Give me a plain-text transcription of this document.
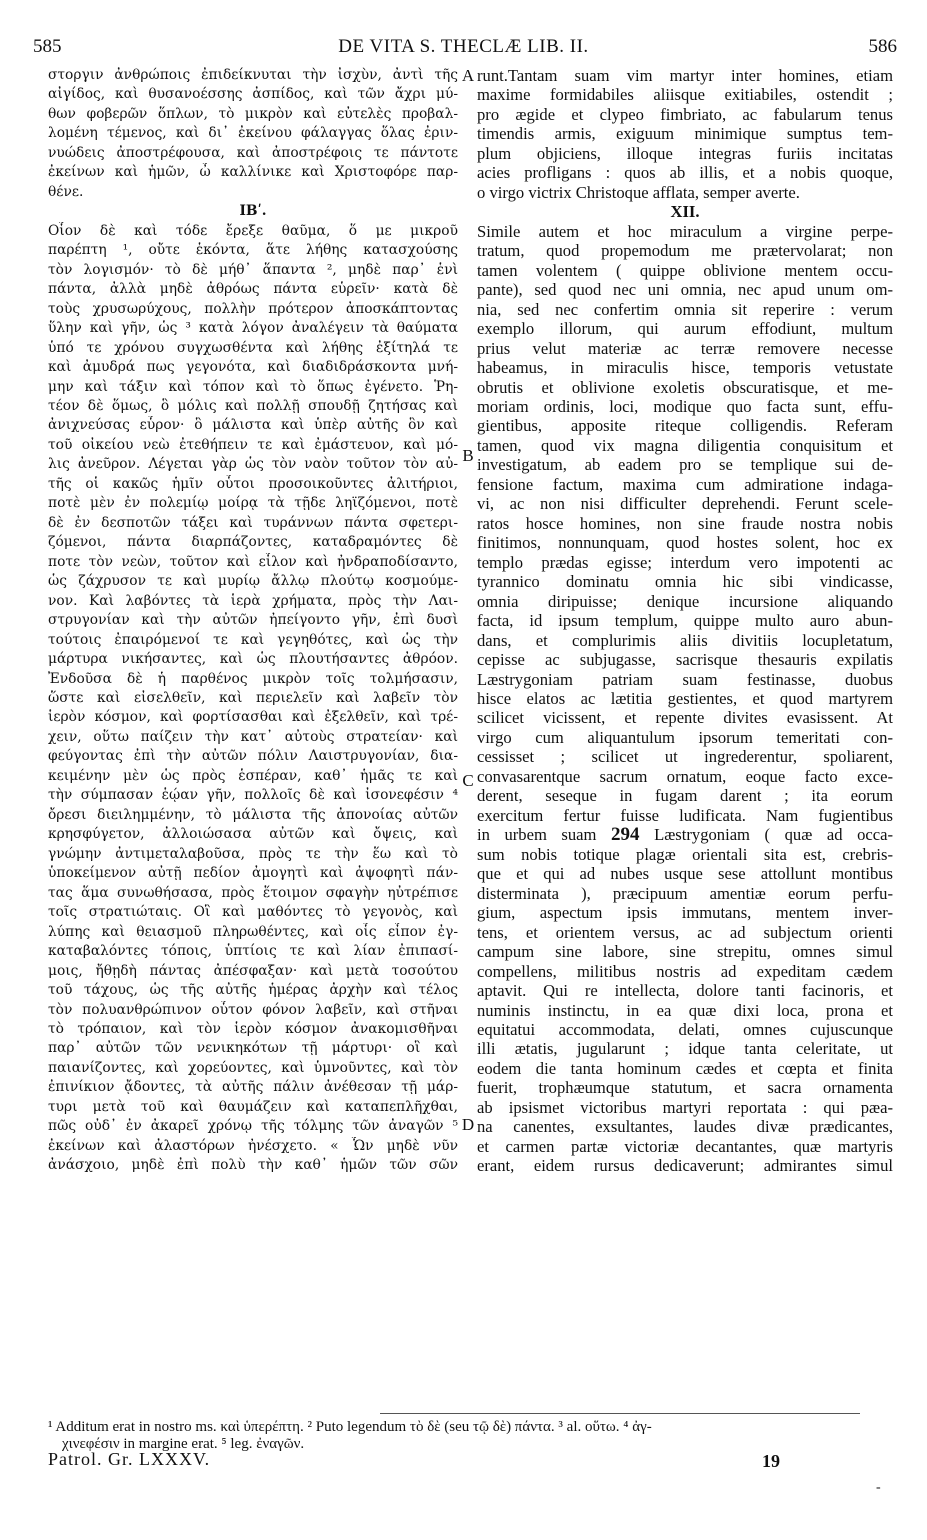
585	DE VITA S. THECLÆ LIB. II.	586
στοργιν ἀνθρώποις ἐπιδείκνυται τὴν ἰσχὺν, ἀντὶ τῆς
αἰγίδος, καὶ θυσανοέσσης ἀσπίδος, καὶ τῶν ἄχρι μύ-
θων φοβερῶν ὅπλων, τὸ μικρὸν καὶ εὐτελὲς προβαλ-
λομένη τέμενος, καὶ δι᾽ ἐκείνου φάλαγγας ὅλας ἐριν-
νυώδεις ἀποστρέφουσα, καὶ ἀποστρέφοις τε πάντοτε
ἐκείνων καὶ ἡμῶν, ὦ καλλίνικε καὶ Χριστοφόρε παρ-
θένε.
ΙΒʹ.
Οἷον δὲ καὶ τόδε ἔρεξε θαῦμα, ὅ με μικροῦ
παρέπτη ¹, οὔτε ἑκόντα, ἅτε λήθης κατασχούσης
τὸν λογισμόν· τὸ δὲ μήθ᾽ ἅπαντα ², μηδὲ παρ᾽ ἑνὶ
πάντα, ἀλλὰ μηδὲ ἀθρόως πάντα εὑρεῖν· κατὰ δὲ
τοὺς χρυσωρύχους, πολλὴν πρότερον ἀποσκάπτοντας
ὕλην καὶ γῆν, ὡς ³ κατὰ λόγον ἀναλέγειν τὰ θαύματα
ὑπό τε χρόνου συγχωσθέντα καὶ λήθης ἐξίτηλά τε
καὶ ἀμυδρά πως γεγονότα, καὶ διαδιδράσκοντα μνή-
μην καὶ τάξιν καὶ τόπον καὶ τὸ ὅπως ἐγένετο. Ῥη-
τέον δὲ ὅμως, ὃ μόλις καὶ πολλῇ σπουδῇ ζητήσας καὶ
ἀνιχνεύσας εὗρον· ὃ μάλιστα καὶ ὑπὲρ αὐτῆς ὃν καὶ
τοῦ οἰκείου νεὼ ἐτεθήπειν τε καὶ ἐμάστευον, καὶ μό-
λις ἀνεῦρον. Λέγεται γὰρ ὡς τὸν ναὸν τοῦτον τὸν αὐ-
τῆς οἱ κακῶς ἡμῖν οὗτοι προσοικοῦντες ἀλιτήριοι,
ποτὲ μὲν ἐν πολεμίῳ μοίρᾳ τὰ τῇδε ληϊζόμενοι, ποτὲ
δὲ ἐν δεσποτῶν τάξει καὶ τυράννων πάντα σφετερι-
ζόμενοι, πάντα διαρπάζοντες, καταδραμόντες δὲ
ποτε τὸν νεὼν, τοῦτον καὶ εἷλον καὶ ἠνδραποδίσαντο,
ὡς ζάχρυσον τε καὶ μυρίῳ ἄλλῳ πλούτῳ κοσμούμε-
νον. Καὶ λαβόντες τὰ ἱερὰ χρήματα, πρὸς τὴν Λαι-
στρυγονίαν καὶ τὴν αὐτῶν ἠπείγοντο γῆν, ἐπὶ δυσὶ
τούτοις ἐπαιρόμενοί τε καὶ γεγηθότες, καὶ ὡς τὴν
μάρτυρα νικήσαντες, καὶ ὡς πλουτήσαντες ἀθρόον.
Ἐνδοῦσα δὲ ἡ παρθένος μικρὸν τοῖς τολμήσασιν,
ὥστε καὶ εἰσελθεῖν, καὶ περιελεῖν καὶ λαβεῖν τὸν
ἱερὸν κόσμον, καὶ φορτίσασθαι καὶ ἐξελθεῖν, καὶ τρέ-
χειν, οὕτω παίζειν τὴν κατ᾽ αὐτοὺς στρατείαν· καὶ
φεύγοντας ἐπὶ τὴν αὐτῶν πόλιν Λαιστρυγονίαν, δια-
κειμένην μὲν ὡς πρὸς ἑσπέραν, καθ᾽ ἡμᾶς τε καὶ
τὴν σύμπασαν ἑῴαν γῆν, πολλοῖς δὲ καὶ ἰσονεφέσιν ⁴
ὄρεσι διειλημμένην, τὸ μάλιστα τῆς ἀπονοίας αὐτῶν
κρησφύγετον, ἀλλοιώσασα αὐτῶν καὶ ὄψεις, καὶ
γνώμην ἀντιμεταλαβοῦσα, πρὸς τε τὴν ἕω καὶ τὸ
ὑποκείμενον αὐτῇ πεδίον ἀμογητὶ καὶ ἀψοφητὶ πάν-
τας ἅμα συνωθήσασα, πρὸς ἕτοιμον σφαγὴν ηὐτρέπισε
τοῖς στρατιώταις. Οἳ καὶ μαθόντες τὸ γεγονὸς, καὶ
λύπης καὶ θειασμοῦ πληρωθέντες, καὶ οἷς εἶπον ἐγ-
καταβαλόντες τόποις, ὑπτίοις τε καὶ λίαν ἐπιπασί-
μοις, ἤθῃδὴ πάντας ἀπέσφαξαν· καὶ μετὰ τοσούτου
τοῦ τάχους, ὡς τῆς αὐτῆς ἡμέρας ἀρχὴν καὶ τέλος
τὸν πολυανθρώπινον οὗτον φόνον λαβεῖν, καὶ στῆναι
τὸ τρόπαιον, καὶ τὸν ἱερὸν κόσμον ἀνακομισθῆναι
παρ᾽ αὐτῶν τῶν νενικηκότων τῇ μάρτυρι· οἳ καὶ
παιανίζοντες, καὶ χορεύοντες, καὶ ὑμνοῦντες, καὶ τὸν
ἐπινίκιον ᾄδοντες, τὰ αὐτῆς πάλιν ἀνέθεσαν τῇ μάρ-
τυρι μετὰ τοῦ καὶ θαυμάζειν καὶ καταπεπλῆχθαι,
πῶς οὐδ᾽ ἐν ἀκαρεῖ χρόνῳ τῆς τόλμης τῶν ἀναγῶν ⁵
ἐκείνων καὶ ἀλαστόρων ἠνέσχετο. « Ὧν μηδὲ νῦν
ἀνάσχοιο, μηδὲ ἐπὶ πολὺ τὴν καθ᾽ ἡμῶν τῶν σῶν
runt.Tantam suam vim martyr inter homines, etiam
maxime formidabiles aliisque exitiabiles, ostendit ;
pro ægide et clypeo fimbriato, ac fabularum tenus
timendis armis, exiguum minimique sumptus tem-
plum objiciens, illoque integras furiis incitatas
acies profligans : quos ab illis, et a nobis quoque,
o virgo victrix Christoque afflata, semper averte.
XII.
Simile autem et hoc miraculum a virgine perpe-
tratum, quod propemodum me prætervolarat; non
tamen volentem ( quippe oblivione mentem occu-
pante), sed quod nec uni omnia, nec apud unum om-
nia, sed nec confertim omnia sit reperire : verum
exemplo illorum, qui aurum effodiunt, multum
prius velut materiæ ac terræ removere necesse
habeamus, in miraculis hisce, temporis vetustate
obrutis et oblivione exoletis obscuratisque, et me-
moriam ordinis, loci, modique quo facta sunt, effu-
gientibus, apposite riteque colligendis. Referam
tamen, quod vix magna diligentia conquisitum et
investigatum, ab eadem pro se templique sui de-
fensione factum, maxima cum admiratione indaga-
vi, ac non nisi difficulter deprehendi. Ferunt scele-
ratos hosce homines, non sine fraude nostra nobis
finitimos, nonnunquam, quod hostes solent, hoc ex
templo prædas egisse; interdum vero impotenti ac
tyrannico dominatu omnia hic sibi vindicasse,
omnia diripuisse; denique incursione aliquando
facta, id ipsum templum, quippe multo auro abun-
dans, et complurimis aliis divitiis locupletatum,
cepisse ac subjugasse, sacrisque thesauris expilatis
Læstrygoniam patriam suam festinasse, duobus
hisce elatos ac lætitia gestientes, et quod martyrem
scilicet vicissent, et repente divites evasissent. At
virgo cum aliquantulum ipsorum temeritati con-
cessisset ; scilicet ut ingrederentur, spoliarent,
convasarentque sacrum ornatum, eoque facto exce-
derent, seseque in fugam darent ; ita eorum
exercitum fertur fuisse ludificata. Nam fugientibus
in urbem suam 294 Læstrygoniam ( quæ ad occa-
sum nobis totique plagæ orientali sita est, crebris-
que et qui ad nubes usque sese attollunt montibus
disterminata ), præcipuum amentiæ eorum perfu-
gium, aspectum ipsis immutans, mentem inver-
tens, et orientem versus, ac ad subjectum orienti
campum sine labore, sine strepitu, omnes simul
compellens, militibus nostris ad expeditam cædem
aptavit. Qui re intellecta, dolore tanti facinoris, et
numinis instinctu, in ea quæ dixi loca, prona et
equitatui accommodata, delati, omnes cujuscunque
illi ætatis, jugularunt ; idque tanta celeritate, ut
eodem die tanta hominum cædes et cœpta et finita
fuerit, trophæumque statutum, et sacra ornamenta
ab ipsismet victoribus martyri reportata : qui pæa-
na canentes, exsultantes, laudes divæ prædicantes,
et carmen partæ victoriæ decantantes, quæ martyris
erant, eidem rursus dedicaverunt; admirantes simul
A
B
C
D
¹ Additum erat in nostro ms. καὶ ὑπερέπτη. ² Puto legendum τὸ δὲ (seu τῷ δὲ) πάντα. ³ al. οὕτω. ⁴ ἀγ-
χινεφέσιν in margine erat. ⁵ leg. ἐναγῶν.
Patrol. Gr. LXXXV.	19
-
